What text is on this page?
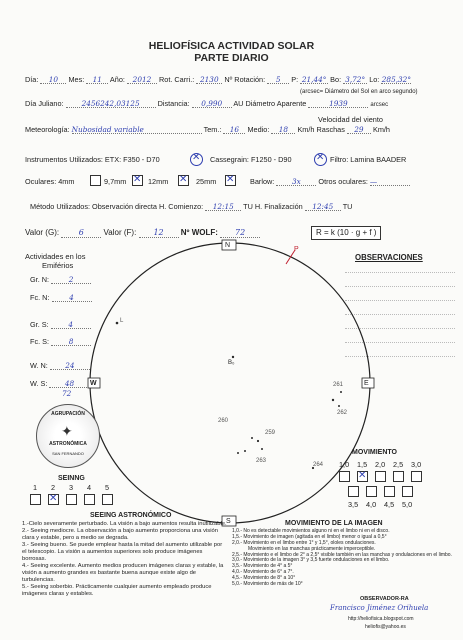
HELIOFÍSICA ACTIVIDAD SOLAR
PARTE DIARIO
Día: 10 Mes: 11 Año: 2012 Rot. Carri.: 2130 Nº Rotación: 5 P: 21,44° Bo: 3,72° Lo: 285,32°
(arcsec= Diámetro del Sol en arco segundo)
Día Juliano: 2456242,03125 Distancia: 0,990 AU Diámetro Aparente	1939	arcsec
Velocidad del viento
Meteorología: Nubosidad variable	Tem.: 16 Medio: 18 Km/h Raschas 29 Km/h
Instrumentos Utilizados: ETX: F350 - D70	✕ Cassegrain: F1250 - D90 ✕ Filtro: Lamina BAADER
Oculares: 4mm	9,7mm ✕ 12mm ✕ 25mm ✕ Barlow: 3x Otros oculares: —
Método Utilizados: Observación directa H. Comienzo: 12:15 TU H. Finalización 12:45 TU
Valor (G): 6 Valor (F): 12 Nº WOLF: 72	R = k (10 · g + f )
Actividades en los
Emiférios
Gr. N:	2
Fc. N:	4
Gr. S:	4
Fc. S:	8
W. N: 24
W. S: 48
72
OBSERVACIONES
N
S
W	E
P
B₀
261
262
260
259
263
264
L
AGRUPACIÓN
✦
ASTRONÓMICA
SAN FERNANDO
SEINNG
1 2 3 4 5
✕
MOVIMIENTO
1,0 1,5 2,0 2,5 3,0
✕
3,5 4,0 4,5 5,0
SEEING ASTRONÓMICO
1.-Cielo severamente perturbado. La visión a bajo aumentos resulta inutilizable.
2.- Seeing mediocre. La observación a bajo aumento proporciona una visión clara y estable, pero a medio se degrada.
3.- Seeing bueno. Se puede emplear hasta la mitad del aumento utilizable por el telescopio. La visión a aumentos superiores solo produce imágenes borrosas.
4.- Seeing excelente. Aumento medios producen imágenes claras y estable, la visión a aumento grandes es bastante buena aunque existe algo de turbulencias.
5.- Seeing soberbio. Prácticamente cualquier aumento empleado produce imágenes claras y estables.
MOVIMIENTO DE LA IMAGEN
1,0.- No es detectable movimientos alguno ni en el limbo ni en el disco.
1,5.- Movimiento de imagen (agitada en el limbo) menor o igual a 0,5°
2,0.- Movimiento en el limbo entre 1° y 1,5°, ololes ondulaciones.
Movimiento en las manchas prácticamente imperceptible.
2,5.- Movimiento e el limbo de 2° a 2,5° visible también en las manchas y ondulaciones en el limbo.
3,0.- Movimiento de la imagen 3° y 3,5 fuerte ondulaciones en el limbo.
3,5.- Movimiento de 4° a 5°
4,0.- Movimiento de 6° a 7°.
4,5.- Movimiento de 8° a 10°
5,0.- Movimiento de más de 10°
OBSERVADOR-RA
Francisco Jiménez Orihuela
http://heliofisica.blogspot.com
heliofis@yahoo.es
